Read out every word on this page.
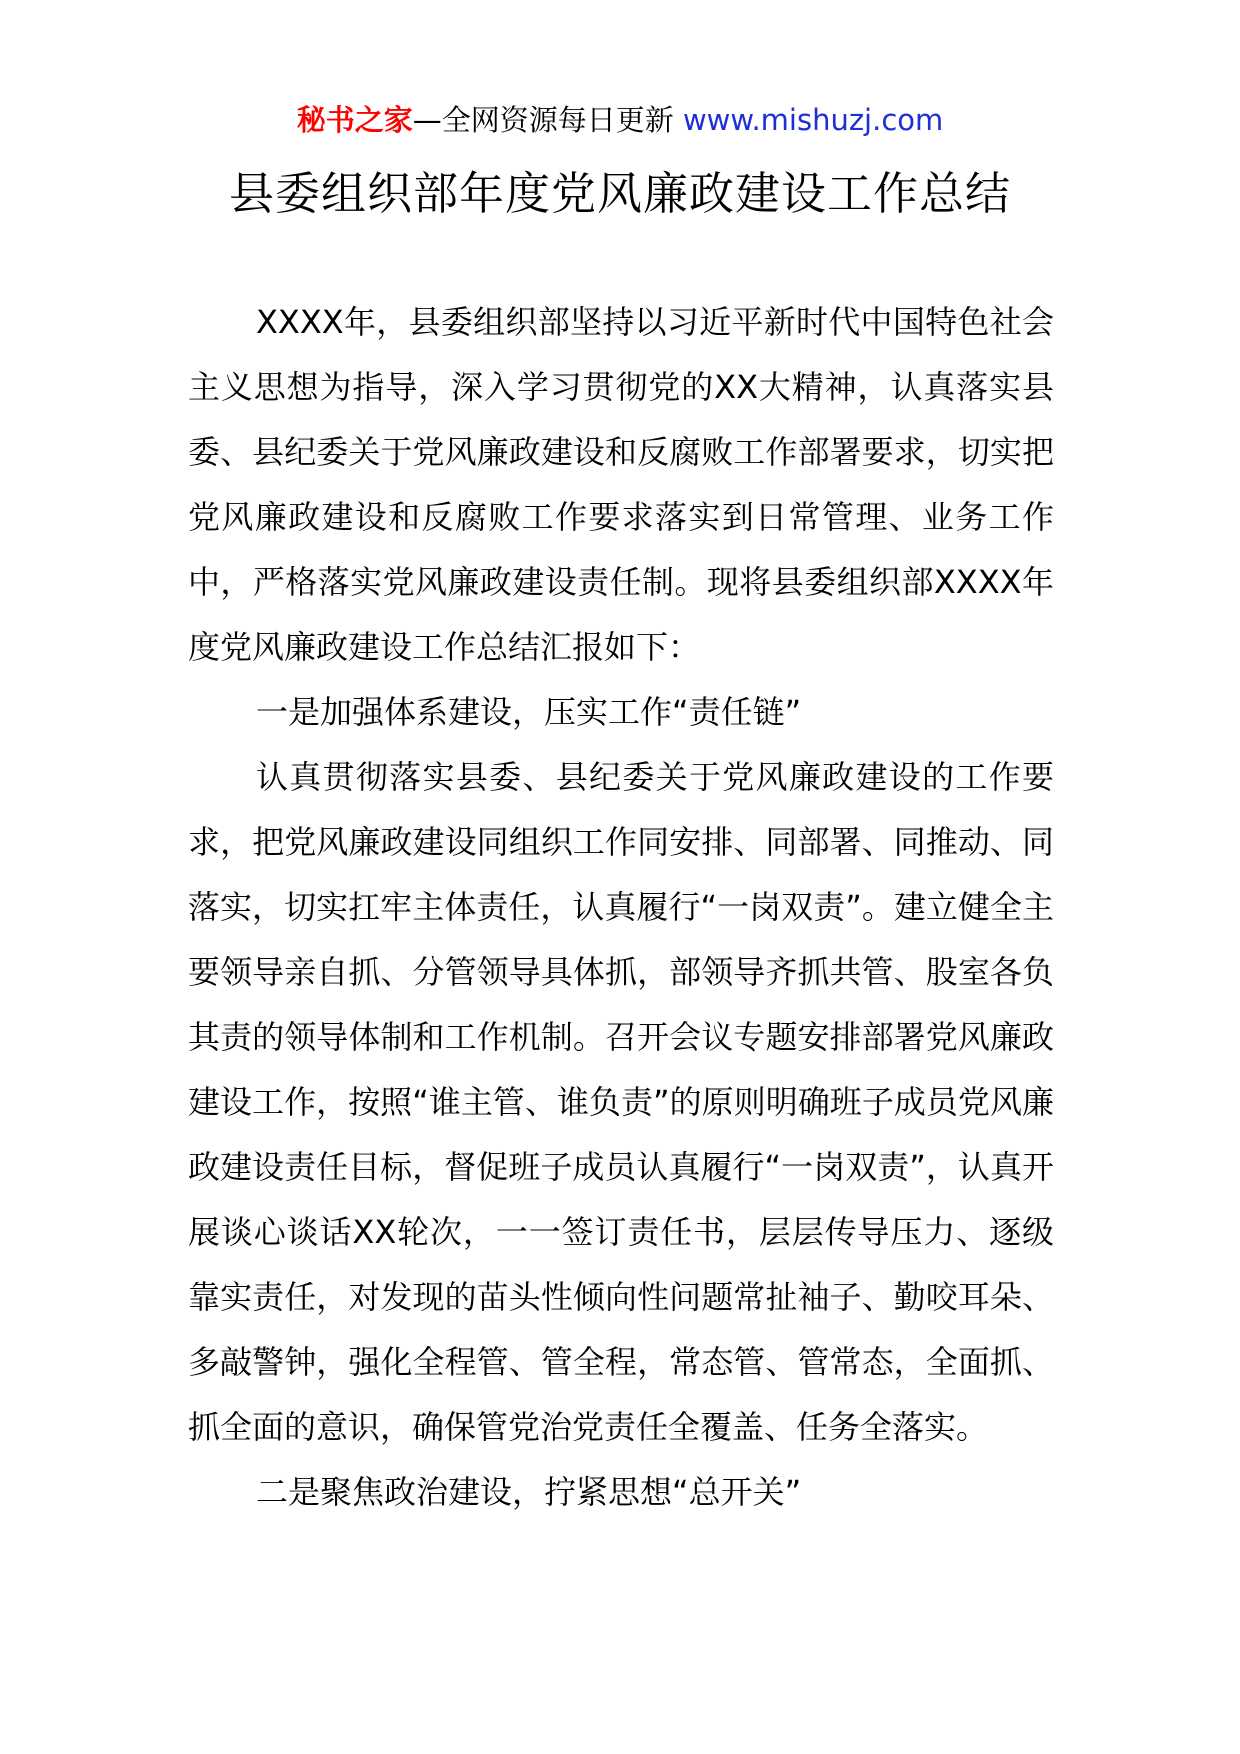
秘书之家—全网资源每日更新 www.mishuzj.com
县委组织部年度党风廉政建设工作总结

XXXX年，县委组织部坚持以习近平新时代中国特色社会主义思想为指导，深入学习贯彻党的XX大精神，认真落实县委、县纪委关于党风廉政建设和反腐败工作部署要求，切实把党风廉政建设和反腐败工作要求落实到日常管理、业务工作中，严格落实党风廉政建设责任制。现将县委组织部XXXX年度党风廉政建设工作总结汇报如下：

一是加强体系建设，压实工作“责任链”

认真贯彻落实县委、县纪委关于党风廉政建设的工作要求，把党风廉政建设同组织工作同安排、同部署、同推动、同落实，切实扛牢主体责任，认真履行“一岗双责”。建立健全主要领导亲自抓、分管领导具体抓，部领导齐抓共管、股室各负其责的领导体制和工作机制。召开会议专题安排部署党风廉政建设工作，按照“谁主管、谁负责”的原则明确班子成员党风廉政建设责任目标，督促班子成员认真履行“一岗双责”，认真开展谈心谈话XX轮次，一一签订责任书，层层传导压力、逐级靠实责任，对发现的苗头性倾向性问题常扯袖子、勤咬耳朵、多敲警钟，强化全程管、管全程，常态管、管常态，全面抓、抓全面的意识，确保管党治党责任全覆盖、任务全落实。

二是聚焦政治建设，拧紧思想“总开关”
